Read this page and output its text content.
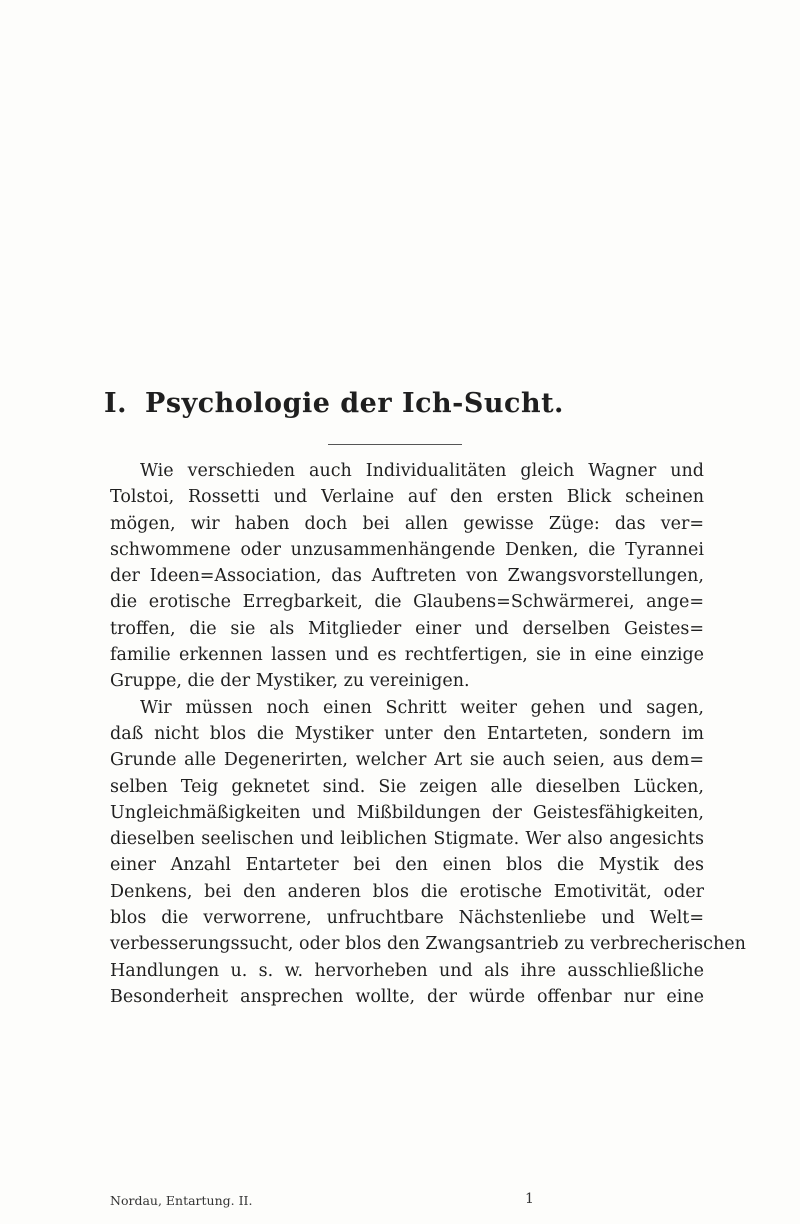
I. Psychologie der Ich-Sucht.
Wie verschieden auch Individualitäten gleich Wagner und
Tolstoi, Rossetti und Verlaine auf den ersten Blick scheinen
mögen, wir haben doch bei allen gewisse Züge: das ver=
schwommene oder unzusammenhängende Denken, die Tyrannei
der Ideen=Association, das Auftreten von Zwangsvorstellungen,
die erotische Erregbarkeit, die Glaubens=Schwärmerei, ange=
troffen, die sie als Mitglieder einer und derselben Geistes=
familie erkennen lassen und es rechtfertigen, sie in eine einzige
Gruppe, die der Mystiker, zu vereinigen.
Wir müssen noch einen Schritt weiter gehen und sagen,
daß nicht blos die Mystiker unter den Entarteten, sondern im
Grunde alle Degenerirten, welcher Art sie auch seien, aus dem=
selben Teig geknetet sind. Sie zeigen alle dieselben Lücken,
Ungleichmäßigkeiten und Mißbildungen der Geistesfähigkeiten,
dieselben seelischen und leiblichen Stigmate. Wer also angesichts
einer Anzahl Entarteter bei den einen blos die Mystik des
Denkens, bei den anderen blos die erotische Emotivität, oder
blos die verworrene, unfruchtbare Nächstenliebe und Welt=
verbesserungssucht, oder blos den Zwangsantrieb zu verbrecherischen
Handlungen u. s. w. hervorheben und als ihre ausschließliche
Besonderheit ansprechen wollte, der würde offenbar nur eine
Nordau, Entartung. II.	1
